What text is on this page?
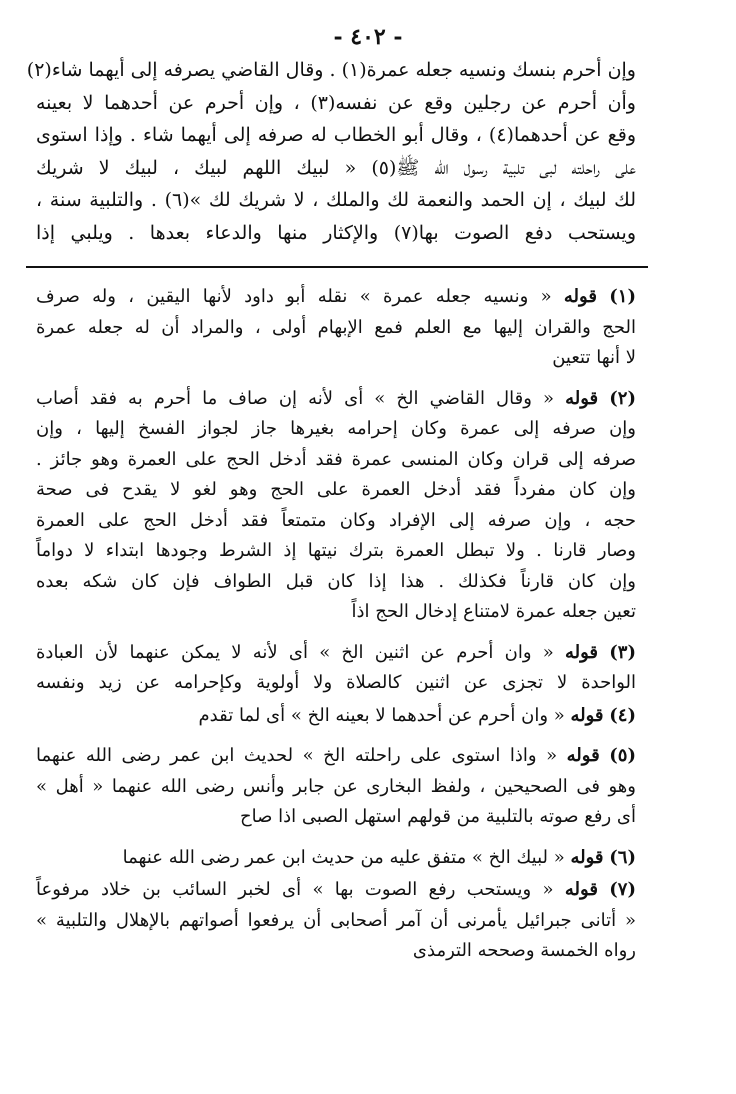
- ٤٠٢ -
وإن أحرم بنسك ونسيه جعله عمرة(١) . وقال القاضي يصرفه إلى أيهما شاء(٢)
وأن أحرم عن رجلين وقع عن نفسه(٣) ، وإن أحرم عن أحدهما لا بعينه
وقع عن أحدهما(٤) ، وقال أبو الخطاب له صرفه إلى أيهما شاء . وإذا استوى
على راحلته لبى تلبية رسول الله ﷺ(٥) « لبيك اللهم لبيك ، لبيك لا شريك
لك لبيك ، إن الحمد والنعمة لك والملك ، لا شريك لك »(٦) . والتلبية سنة ،
ويستحب دفع الصوت بها(٧) والإكثار منها والدعاء بعدها . ويلبي إذا
(١) قوله « ونسيه جعله عمرة » نقله أبو داود لأنها اليقين ، وله صرف
الحج والقران إليها مع العلم فمع الإبهام أولى ، والمراد أن له جعله عمرة
لا أنها تتعين
(٢) قوله « وقال القاضي الخ » أى لأنه إن صاف ما أحرم به فقد أصاب
وإن صرفه إلى عمرة وكان إحرامه بغيرها جاز لجواز الفسخ إليها ، وإن
صرفه إلى قران وكان المنسى عمرة فقد أدخل الحج على العمرة وهو جائز .
وإن كان مفرداً فقد أدخل العمرة على الحج وهو لغو لا يقدح فى صحة
حجه ، وإن صرفه إلى الإفراد وكان متمتعاً فقد أدخل الحج على العمرة
وصار قارنا . ولا تبطل العمرة بترك نيتها إذ الشرط وجودها ابتداء لا دواماً
وإن كان قارناً فكذلك . هذا إذا كان قبل الطواف فإن كان شكه بعده
تعين جعله عمرة لامتناع إدخال الحج اذاً
(٣) قوله « وان أحرم عن اثنين الخ » أى لأنه لا يمكن عنهما لأن العبادة
الواحدة لا تجزى عن اثنين كالصلاة ولا أولوية وكإحرامه عن زيد ونفسه
(٤) قوله « وان أحرم عن أحدهما لا بعينه الخ » أى لما تقدم
(٥) قوله « واذا استوى على راحلته الخ » لحديث ابن عمر رضى الله عنهما
وهو فى الصحيحين ، ولفظ البخارى عن جابر وأنس رضى الله عنهما « أهل »
أى رفع صوته بالتلبية من قولهم استهل الصبى اذا صاح
(٦) قوله « لبيك الخ » متفق عليه من حديث ابن عمر رضى الله عنهما
(٧) قوله « ويستحب رفع الصوت بها » أى لخبر السائب بن خلاد مرفوعاً
« أتانى جبرائيل يأمرنى أن آمر أصحابى أن يرفعوا أصواتهم بالإهلال والتلبية »
رواه الخمسة وصححه الترمذى
